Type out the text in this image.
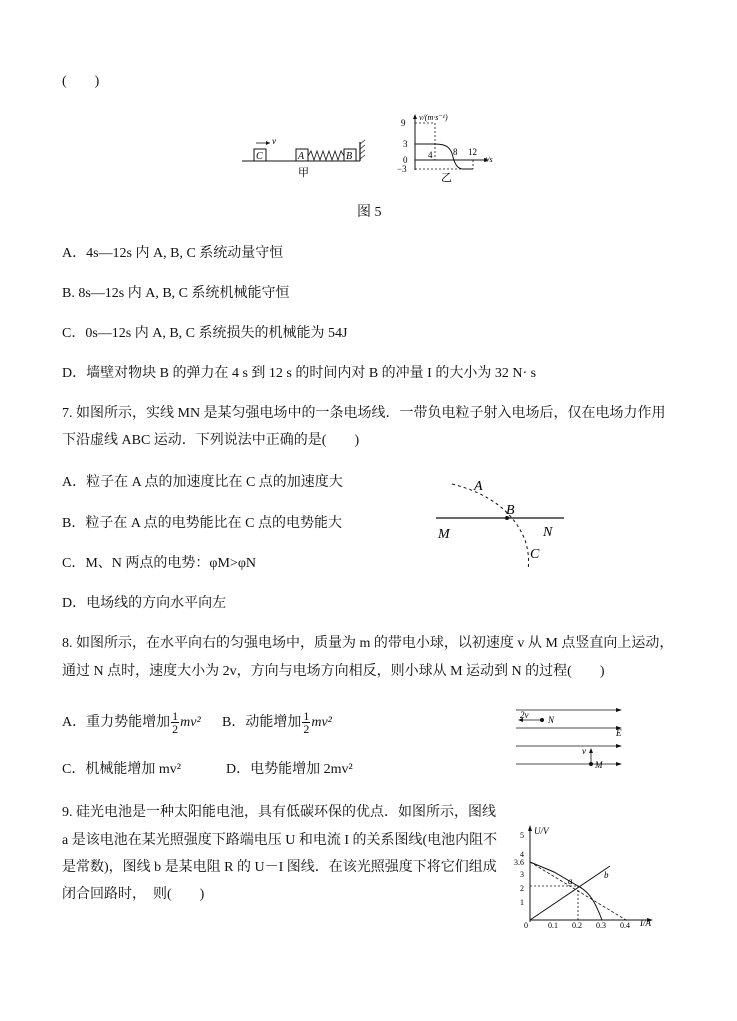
(　　)
C
v
A	B
甲
v/(m·s⁻¹)
9
3
0
−3
4 8 12
t/s
乙
图 5
A．4s—12s 内 A, B, C 系统动量守恒
B. 8s—12s 内 A, B, C 系统机械能守恒
C．0s—12s 内 A, B, C 系统损失的机械能为 54J
D．墙壁对物块 B 的弹力在 4 s 到 12 s 的时间内对 B 的冲量 I 的大小为 32 N· s
7. 如图所示，实线 MN 是某匀强电场中的一条电场线．一带负电粒子射入电场后，仅在电场力作用
下沿虚线 ABC 运动．下列说法中正确的是(　　)
A．粒子在 A 点的加速度比在 C 点的加速度大
B．粒子在 A 点的电势能比在 C 点的电势能大
C．M、N 两点的电势：φM>φN
D．电场线的方向水平向左
A
B
C
M	N
8. 如图所示，在水平向右的匀强电场中，质量为 m 的带电小球，以初速度 v 从 M 点竖直向上运动，
通过 N 点时，速度大小为 2v，方向与电场方向相反，则小球从 M 运动到 N 的过程(　　)
A．重力势能增加 $\frac{1}{2} mv^2$ B．动能增加 $\frac{1}{2} mv^2$
C．机械能增加 mv²	D．电势能增加 2mv²
2v N
E
v
M
9. 硅光电池是一种太阳能电池，具有低碳环保的优点．如图所示，图线
a 是该电池在某光照强度下路端电压 U 和电流 I 的关系图线(电池内阻不
是常数)，图线 b 是某电阻 R 的 U－I 图线．在该光照强度下将它们组成
闭合回路时，　则(　　)
U/V
I/A
5
4
3.6
3
2
1
0	0.1 0.2 0.3 0.4
a
b
